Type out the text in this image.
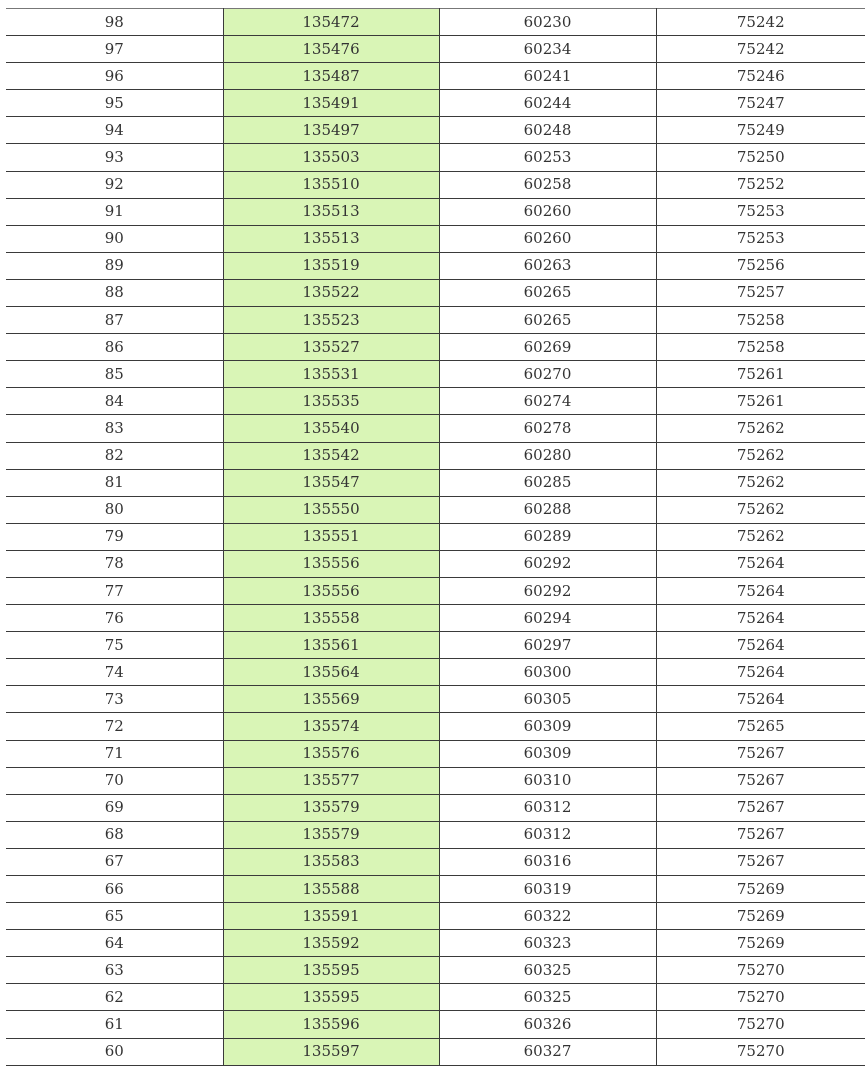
98	135472	60230	75242
97	135476	60234	75242
96	135487	60241	75246
95	135491	60244	75247
94	135497	60248	75249
93	135503	60253	75250
92	135510	60258	75252
91	135513	60260	75253
90	135513	60260	75253
89	135519	60263	75256
88	135522	60265	75257
87	135523	60265	75258
86	135527	60269	75258
85	135531	60270	75261
84	135535	60274	75261
83	135540	60278	75262
82	135542	60280	75262
81	135547	60285	75262
80	135550	60288	75262
79	135551	60289	75262
78	135556	60292	75264
77	135556	60292	75264
76	135558	60294	75264
75	135561	60297	75264
74	135564	60300	75264
73	135569	60305	75264
72	135574	60309	75265
71	135576	60309	75267
70	135577	60310	75267
69	135579	60312	75267
68	135579	60312	75267
67	135583	60316	75267
66	135588	60319	75269
65	135591	60322	75269
64	135592	60323	75269
63	135595	60325	75270
62	135595	60325	75270
61	135596	60326	75270
60	135597	60327	75270
